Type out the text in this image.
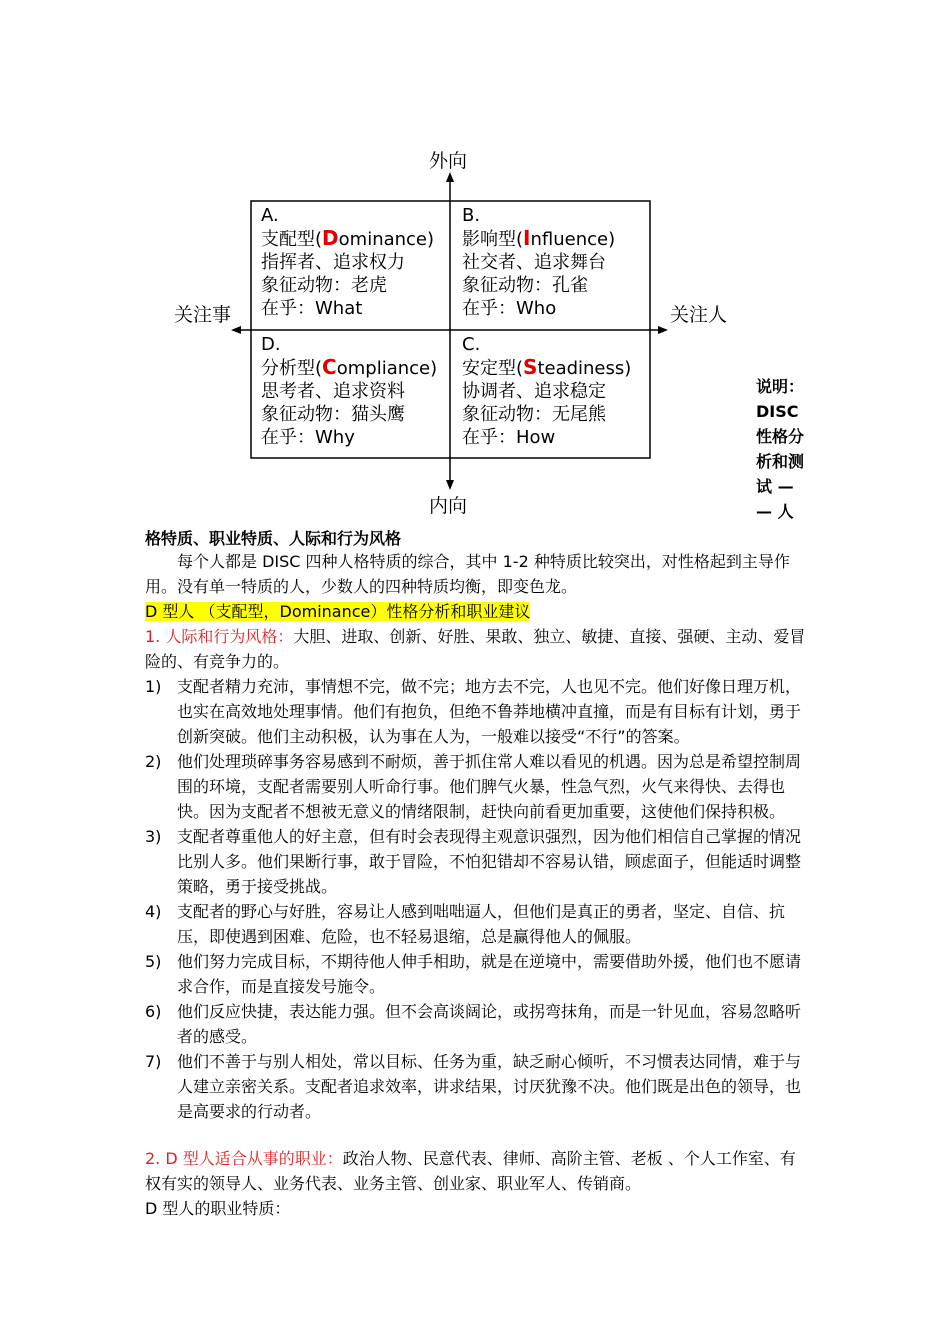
外向
内向
关注事	关注人
A.
支配型(Dominance)
指挥者、追求权力
象征动物：老虎
在乎：What
B.
影响型(Influence)
社交者、追求舞台
象征动物：孔雀
在乎：Who
D.
分析型(Compliance)
思考者、追求资料
象征动物：猫头鹰
在乎：Why
C.
安定型(Steadiness)
协调者、追求稳定
象征动物：无尾熊
在乎：How
说明：
DISC
性格分
析和测
试 —
— 人
格特质、职业特质、人际和行为风格
每个人都是 DISC 四种人格特质的综合，其中 1-2 种特质比较突出，对性格起到主导作用。没有单一特质的人，少数人的四种特质均衡，即变色龙。
D 型人 （支配型，Dominance）性格分析和职业建议
1. 人际和行为风格：大胆、进取、创新、好胜、果敢、独立、敏捷、直接、强硬、主动、爱冒险的、有竞争力的。
1) 支配者精力充沛，事情想不完，做不完；地方去不完，人也见不完。他们好像日理万机，也实在高效地处理事情。他们有抱负，但绝不鲁莽地横冲直撞，而是有目标有计划，勇于创新突破。他们主动积极，认为事在人为，一般难以接受“不行”的答案。
2) 他们处理琐碎事务容易感到不耐烦，善于抓住常人难以看见的机遇。因为总是希望控制周围的环境，支配者需要别人听命行事。他们脾气火暴，性急气烈，火气来得快、去得也快。因为支配者不想被无意义的情绪限制，赶快向前看更加重要，这使他们保持积极。
3) 支配者尊重他人的好主意，但有时会表现得主观意识强烈，因为他们相信自己掌握的情况比别人多。他们果断行事，敢于冒险，不怕犯错却不容易认错，顾虑面子，但能适时调整策略，勇于接受挑战。
4) 支配者的野心与好胜，容易让人感到咄咄逼人，但他们是真正的勇者，坚定、自信、抗压，即使遇到困难、危险，也不轻易退缩，总是赢得他人的佩服。
5) 他们努力完成目标，不期待他人伸手相助，就是在逆境中，需要借助外援，他们也不愿请求合作，而是直接发号施令。
6) 他们反应快捷，表达能力强。但不会高谈阔论，或拐弯抹角，而是一针见血，容易忽略听者的感受。
7) 他们不善于与别人相处，常以目标、任务为重，缺乏耐心倾听，不习惯表达同情，难于与人建立亲密关系。支配者追求效率，讲求结果，讨厌犹豫不决。他们既是出色的领导，也是高要求的行动者。
2. D 型人适合从事的职业：政治人物、民意代表、律师、高阶主管、老板 、个人工作室、有权有实的领导人、业务代表、业务主管、创业家、职业军人、传销商。
D 型人的职业特质：
